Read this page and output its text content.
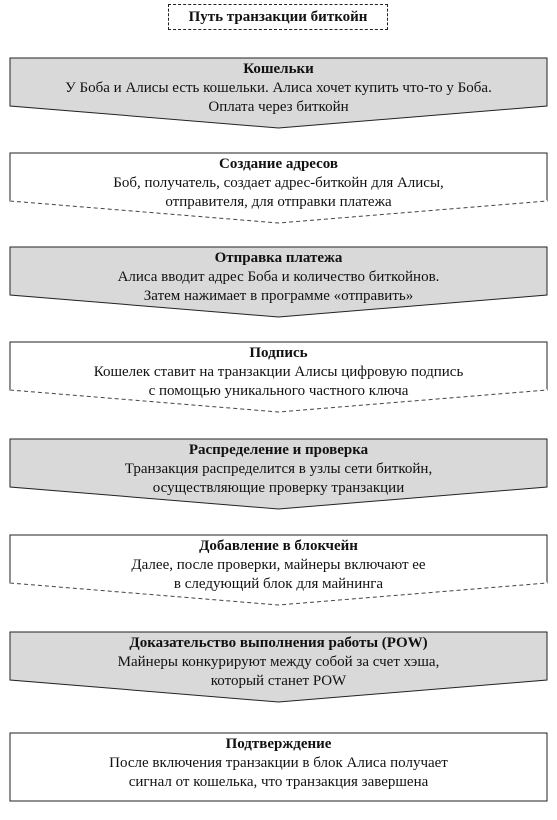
Путь транзакции биткойн
Кошельки
У Боба и Алисы есть кошельки. Алиса хочет купить что-то у Боба.
Оплата через биткойн
Создание адресов
Боб, получатель, создает адрес-биткойн для Алисы,
отправителя, для отправки платежа
Отправка платежа
Алиса вводит адрес Боба и количество биткойнов.
Затем нажимает в программе «отправить»
Подпись
Кошелек ставит на транзакции Алисы цифровую подпись
с помощью уникального частного ключа
Распределение и проверка
Транзакция распределится в узлы сети биткойн,
осуществляющие проверку транзакции
Добавление в блокчейн
Далее, после проверки, майнеры включают ее
в следующий блок для майнинга
Доказательство выполнения работы (POW)
Майнеры конкурируют между собой за счет хэша,
который станет POW
Подтверждение
После включения транзакции в блок Алиса получает
сигнал от кошелька, что транзакция завершена
